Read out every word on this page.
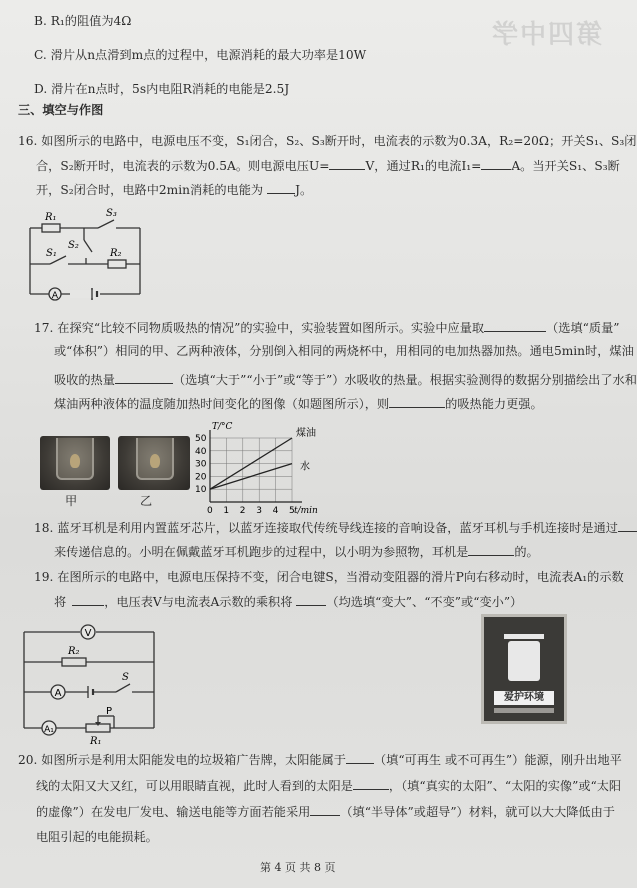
第四中学
B. R₁的阻值为4Ω
C. 滑片从n点滑到m点的过程中，电源消耗的最大功率是10W
D. 滑片在n点时，5s内电阻R消耗的电能是2.5J
三、填空与作图
16. 如图所示的电路中，电源电压不变，S₁闭合，S₂、S₃断开时，电流表的示数为0.3A，R₂=20Ω；开关S₁、S₃闭
合，S₂断开时，电流表的示数为0.5A。则电源电压U=	V，通过R₁的电流I₁= A。当开关S₁、S₃断
开，S₂闭合时，电路中2min消耗的电能为	J。
A
R₁	S₃
S₂
S₁	R₂
17. 在探究“比较不同物质吸热的情况”的实验中，实验装置如图所示。实验中应量取	（选填“质量”
或“体积”）相同的甲、乙两种液体，分别倒入相同的两烧杯中，用相同的电加热器加热。通电5min时，煤油
吸收的热量	（选填“大于”“小于”或“等于”）水吸收的热量。根据实验测得的数据分别描绘出了水和
煤油两种液体的温度随加热时间变化的图像（如题图所示），则	的吸热能力更强。
甲	乙
0 1 2 3 4 5
10
20
30
40
50
T/°C
t/min
煤油
水
18. 蓝牙耳机是利用内置蓝牙芯片，以蓝牙连接取代传统导线连接的音响设备，蓝牙耳机与手机连接时是通过
来传递信息的。小明在佩戴蓝牙耳机跑步的过程中，以小明为参照物，耳机是	的。
19. 在图所示的电路中，电源电压保持不变，闭合电键S，当滑动变阻器的滑片P向右移动时，电流表A₁的示数
将	，电压表V与电流表A示数的乘积将	（均选填“变大”、“不变”或“变小”）
V
R₂
A
S
A₁
P
R₁
爱护环境
20. 如图所示是利用太阳能发电的垃圾箱广告牌，太阳能属于 （填“可再生 或不可再生”）能源，刚升出地平
线的太阳又大又红，可以用眼睛直视，此时人看到的太阳是	，（填“真实的太阳”、“太阳的实像”或“太阳
的虚像”）在发电厂发电、输送电能等方面若能采用 （填“半导体”或超导”）材料，就可以大大降低由于
电阻引起的电能损耗。
第 4 页 共 8 页
